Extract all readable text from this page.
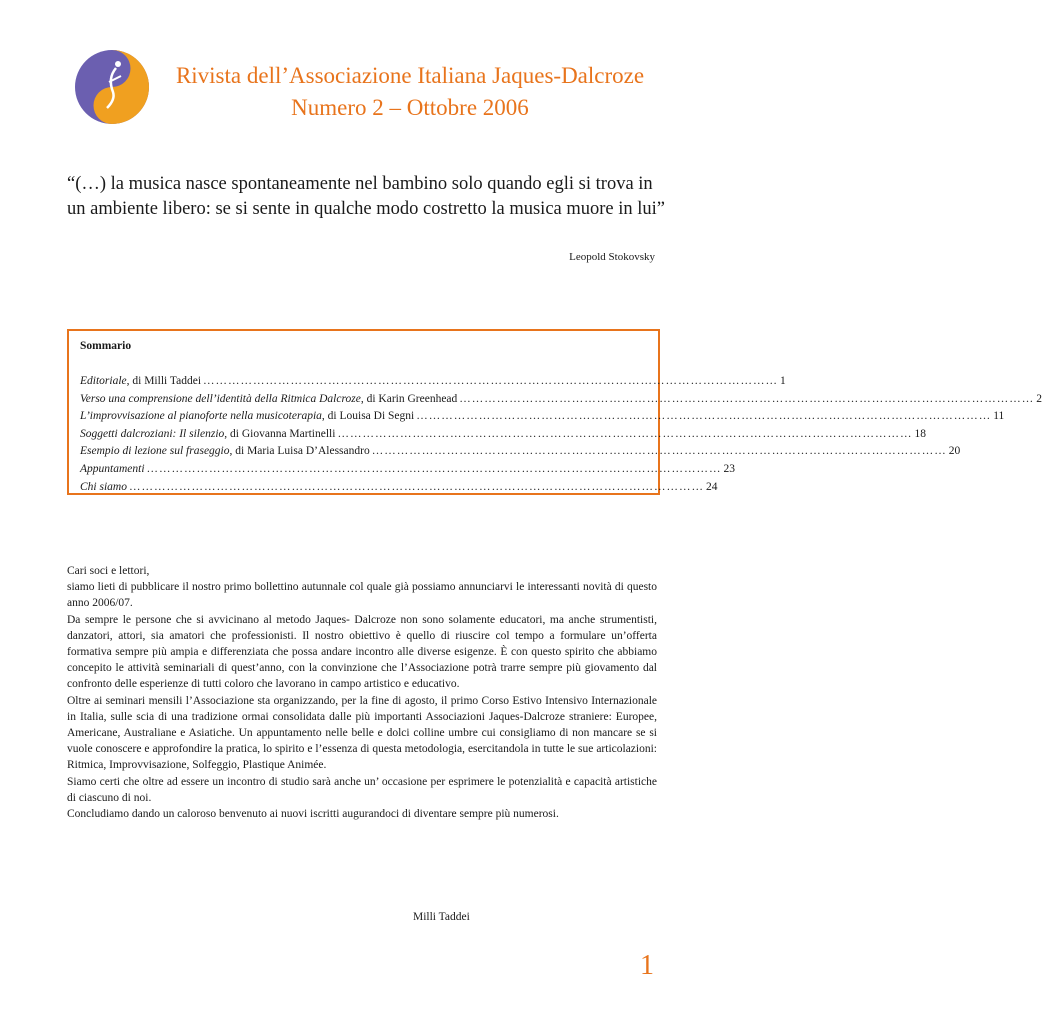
Rivista dell’Associazione Italiana Jaques-Dalcroze
Numero 2 – Ottobre 2006
“(…) la musica nasce spontaneamente nel bambino solo quando egli si trova in un ambiente libero: se si sente in qualche modo costretto la musica muore in lui”
Leopold Stokovsky
Sommario
Editoriale , di Milli Taddei ………………………………………………………………………………………………………………………… 1
Verso una comprensione dell’identità della Ritmica Dalcroze , di Karin Greenhead ………………………………………………………………………………………………………………………… 2
L’improvvisazione al pianoforte nella musicoterapia , di Louisa Di Segni ………………………………………………………………………………………………………………………… 11
Soggetti dalcroziani: Il silenzio , di Giovanna Martinelli ………………………………………………………………………………………………………………………… 18
Esempio di lezione sul fraseggio , di Maria Luisa D’Alessandro ………………………………………………………………………………………………………………………… 20
Appuntamenti ………………………………………………………………………………………………………………………… 23
Chi siamo ………………………………………………………………………………………………………………………… 24

Cari soci e lettori,

siamo lieti di pubblicare il nostro primo bollettino autunnale col quale già possiamo annunciarvi le interessanti novità di questo anno 2006/07.

Da sempre le persone che si avvicinano al metodo Jaques- Dalcroze non sono solamente educatori, ma anche strumentisti, danzatori, attori, sia amatori che professionisti. Il nostro obiettivo è quello di riuscire col tempo a formulare un’offerta formativa sempre più ampia e differenziata che possa andare incontro alle diverse esigenze. È con questo spirito che abbiamo concepito le attività seminariali di quest’anno, con la convinzione che l’Associazione potrà trarre sempre più giovamento dal confronto delle esperienze di tutti coloro che lavorano in campo artistico e educativo.

Oltre ai seminari mensili l’Associazione sta organizzando, per la fine di agosto, il primo Corso Estivo Intensivo Internazionale in Italia, sulle scia di una tradizione ormai consolidata dalle più importanti Associazioni Jaques-Dalcroze straniere: Europee, Americane, Australiane e Asiatiche. Un appuntamento nelle belle e dolci colline umbre cui consigliamo di non mancare se si vuole conoscere e approfondire la pratica, lo spirito e l’essenza di questa metodologia, esercitandola in tutte le sue articolazioni: Ritmica, Improvvisazione, Solfeggio, Plastique Animée.

Siamo certi che oltre ad essere un incontro di studio sarà anche un’ occasione per esprimere le potenzialità e capacità artistiche di ciascuno di noi.

Concludiamo dando un caloroso benvenuto ai nuovi iscritti augurandoci di diventare sempre più numerosi.

Milli Taddei
1
